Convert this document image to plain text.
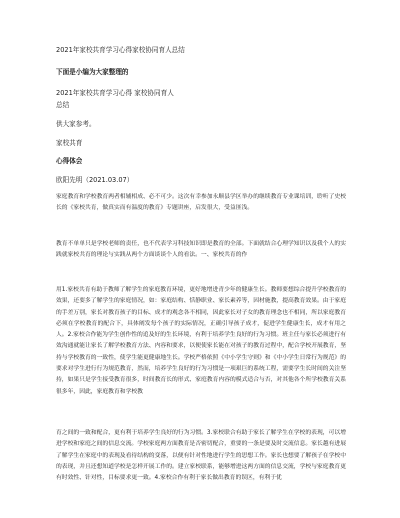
2021年家校共育学习心得家校协同育人总结
下面是小编为大家整理的
2021年家校共育学习心得 家校协同育人
总结
供大家参考。
家校共育
心得体会
欧阳先明（2021.03.07）
家庭教育和学校教育两者相辅相成、必不可少。这次有幸参加永顺县学区举办的继续教育专业课培训，聆听了史校长的《家校共育，做真实而有温度的教育》专题讲座，启发很大，受益匪浅。
教育不单单只是学校老师的责任，也不代表学习科技知识即是教育的全部。下面就结合心理学知识以及我个人的实践就家校共育的理论与实践从两个方面谈谈个人的看法。一、家校共育的作
用1.家校共育有助于教师了解学生的家庭教育环境，更好地增进青少年的健康生长。教师要想综合提升学校教育的效果，还要多了解学生的家庭情况，如：家庭结构、恬静职业、家长素养等，因材施教，提高教育效果。由于家庭的手差万别，家长对教育孩子的目标、成才的观念各不相同，因此家长对子女的教育理念也不相同，所以家庭教育必须在学校教育的配合下，具体阐发每个孩子的实际情况，正确引导孩子成才，促进学生健康生长，成才有用之人。2.家校合作能为学生创作性的追及好的生长环境，有利于培养学生良好的行为习惯。班主任与家长必须进行有效沟通就能让家长了解学校教育方法、内容和要求，以便使家长能在对孩子的教育过程中，配合学校开展教育，坚持与学校教育的一致性，使学生能更健康地生长。学校严格依照《中小学生守则》和《中小学生日常行为规范》的要求对学生进行行为规范教育，然而，培养学生良好的行为习惯是一项艰巨的系统工程，需要学生长时间的关注坚持，如果只是学生接受教育很多，时间教育长的形式、家庭教育内容的模式适合与否，对其他各个所学校教育关系很多年，因此，家庭教育和学校教
育之间的一致和配合，更有利于培养学生良好的行为习惯。3.家校联合有助于家长了解学生在学校的表现，可以增进学校和家庭之间的信息交流。学校家庭两方面教育是否密切配合，重要的一条是要及时交流信息。家长越有进展了解学生在家庭中的表现及看待结构的变落，以便有针对性地进行学生的思想工作。家长也想要了解孩子在学校中的表现，并且还想知道学校是怎样开展工作的。建立家校联系，能够增进这两方面的信息交流，学校与家庭教育更有时效性、针对性，目标要求更一致。4.家校合作有利于家长做出教育的误区，有利于优
